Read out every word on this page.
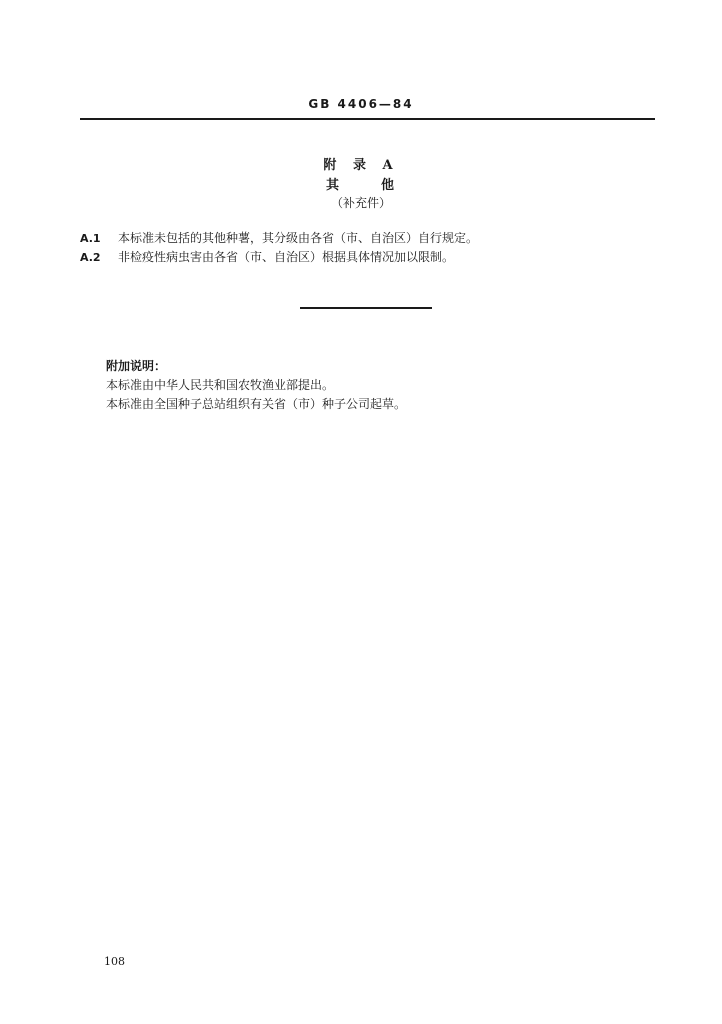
GB 4406—84
附 录 A
其	他
（补充件）
A.1 本标准未包括的其他种薯，其分级由各省（市、自治区）自行规定。
A.2 非检疫性病虫害由各省（市、自治区）根据具体情况加以限制。
附加说明：
本标准由中华人民共和国农牧渔业部提出。
本标准由全国种子总站组织有关省（市）种子公司起草。
108
